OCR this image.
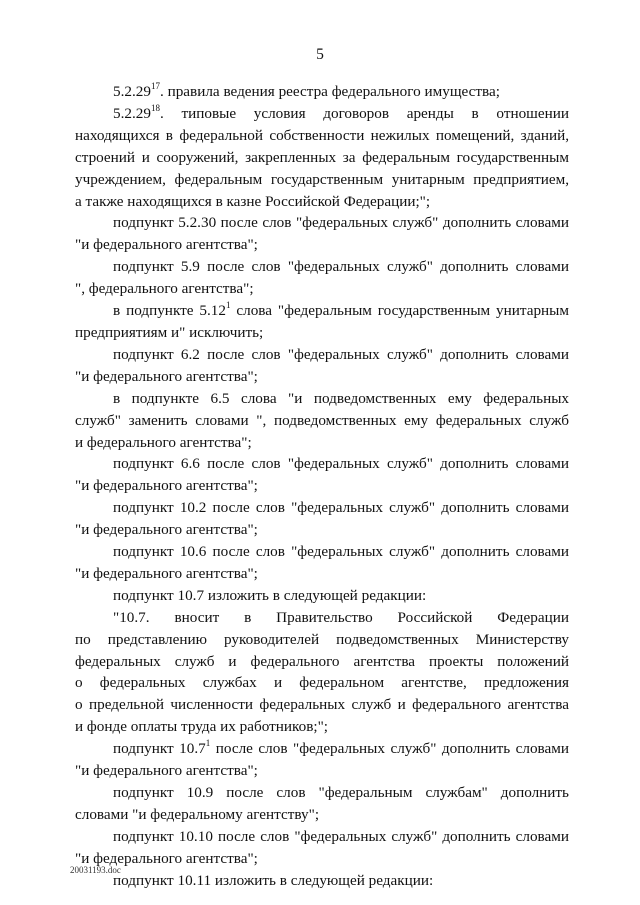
5
5.2.29$^{17}$. правила ведения реестра федерального имущества;
5.2.29$^{18}$. типовые условия договоров аренды в отношении
находящихся в федеральной собственности нежилых помещений, зданий,
строений и сооружений, закрепленных за федеральным государственным
учреждением, федеральным государственным унитарным предприятием,
а также находящихся в казне Российской Федерации;";
подпункт 5.2.30 после слов "федеральных служб" дополнить словами
"и федерального агентства";
подпункт 5.9 после слов "федеральных служб" дополнить словами
", федерального агентства";
в подпункте 5.12$^1$ слова "федеральным государственным унитарным
предприятиям и" исключить;
подпункт 6.2 после слов "федеральных служб" дополнить словами
"и федерального агентства";
в подпункте 6.5 слова "и подведомственных ему федеральных
служб" заменить словами ", подведомственных ему федеральных служб
и федерального агентства";
подпункт 6.6 после слов "федеральных служб" дополнить словами
"и федерального агентства";
подпункт 10.2 после слов "федеральных служб" дополнить словами
"и федерального агентства";
подпункт 10.6 после слов "федеральных служб" дополнить словами
"и федерального агентства";
подпункт 10.7 изложить в следующей редакции:
"10.7. вносит в Правительство Российской Федерации
по представлению руководителей подведомственных Министерству
федеральных служб и федерального агентства проекты положений
о федеральных службах и федеральном агентстве, предложения
о предельной численности федеральных служб и федерального агентства
и фонде оплаты труда их работников;";
подпункт 10.7$^1$ после слов "федеральных служб" дополнить словами
"и федерального агентства";
подпункт 10.9 после слов "федеральным службам" дополнить
словами "и федеральному агентству";
подпункт 10.10 после слов "федеральных служб" дополнить словами
"и федерального агентства";
подпункт 10.11 изложить в следующей редакции:
20031193.doc
